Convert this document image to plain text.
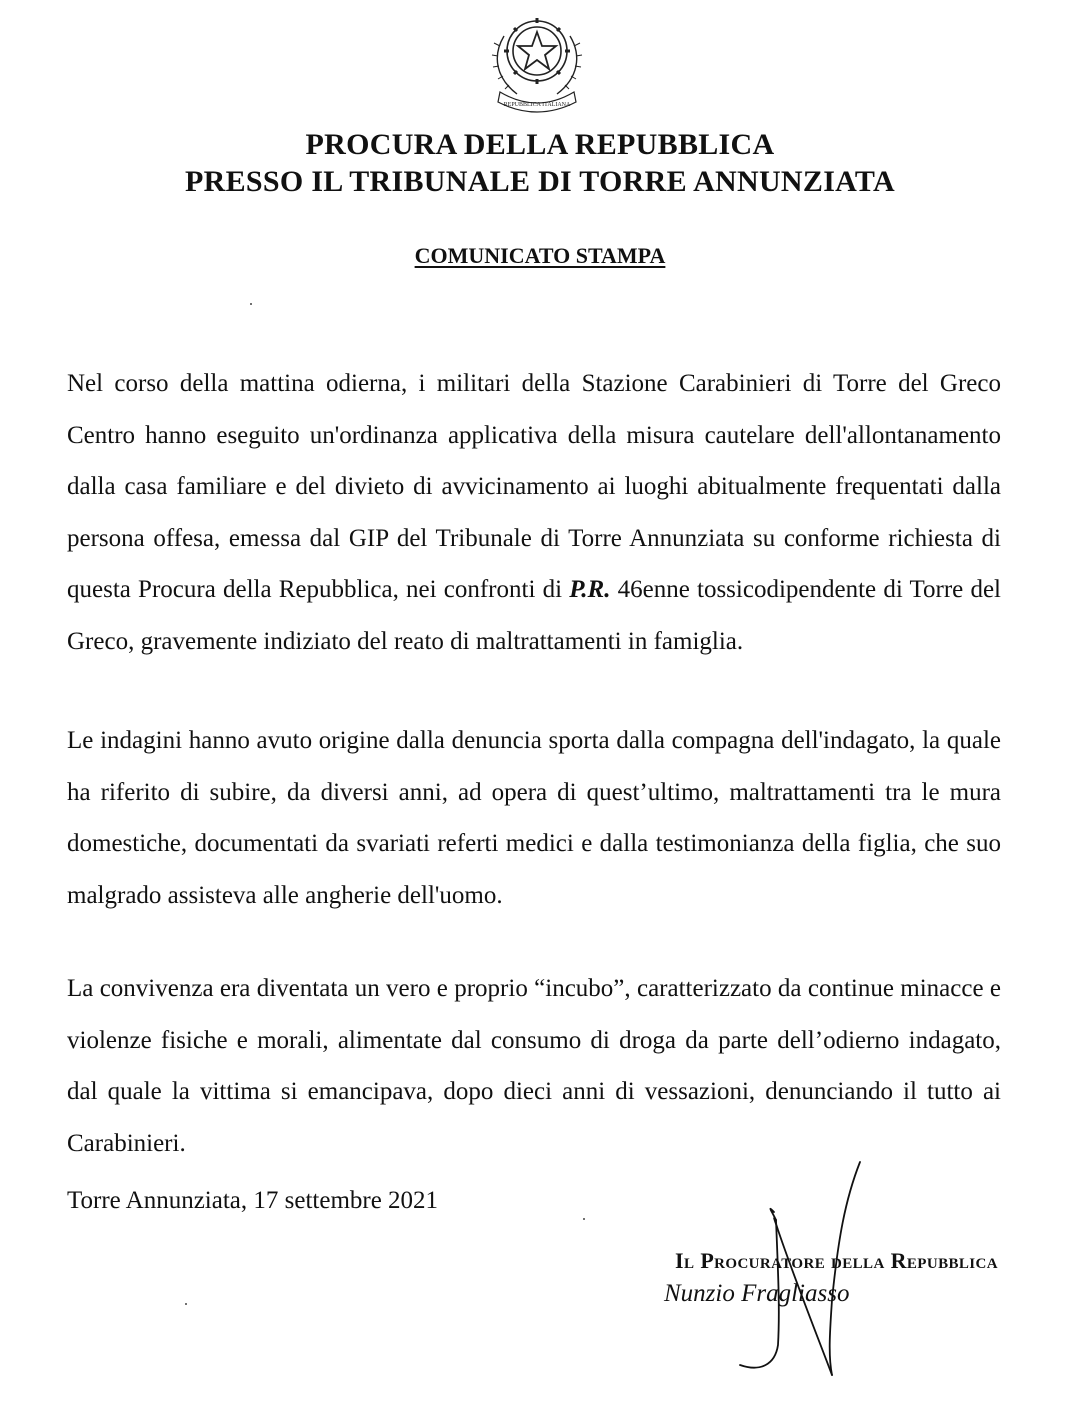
REPUBBLICA ITALIANA
PROCURA DELLA REPUBBLICA
PRESSO IL TRIBUNALE DI TORRE ANNUNZIATA
COMUNICATO STAMPA

Nel corso della mattina odierna, i militari della Stazione Carabinieri di Torre del Greco Centro hanno eseguito un'ordinanza applicativa della misura cautelare dell'allontanamento dalla casa familiare e del divieto di avvicinamento ai luoghi abitualmente frequentati dalla persona offesa, emessa dal GIP del Tribunale di Torre Annunziata su conforme richiesta di questa Procura della Repubblica, nei confronti di P.R. 46enne tossicodipendente di Torre del Greco, gravemente indiziato del reato di maltrattamenti in famiglia.

Le indagini hanno avuto origine dalla denuncia sporta dalla compagna dell'indagato, la quale ha riferito di subire, da diversi anni, ad opera di quest’ultimo, maltrattamenti tra le mura domestiche, documentati da svariati referti medici e dalla testimonianza della figlia, che suo malgrado assisteva alle angherie dell'uomo.

La convivenza era diventata un vero e proprio “incubo”, caratterizzato da continue minacce e violenze fisiche e morali, alimentate dal consumo di droga da parte dell’odierno indagato, dal quale la vittima si emancipava, dopo dieci anni di vessazioni, denunciando il tutto ai Carabinieri.

Torre Annunziata, 17 settembre 2021
Il Procuratore della Repubblica
Nunzio Fragliasso
